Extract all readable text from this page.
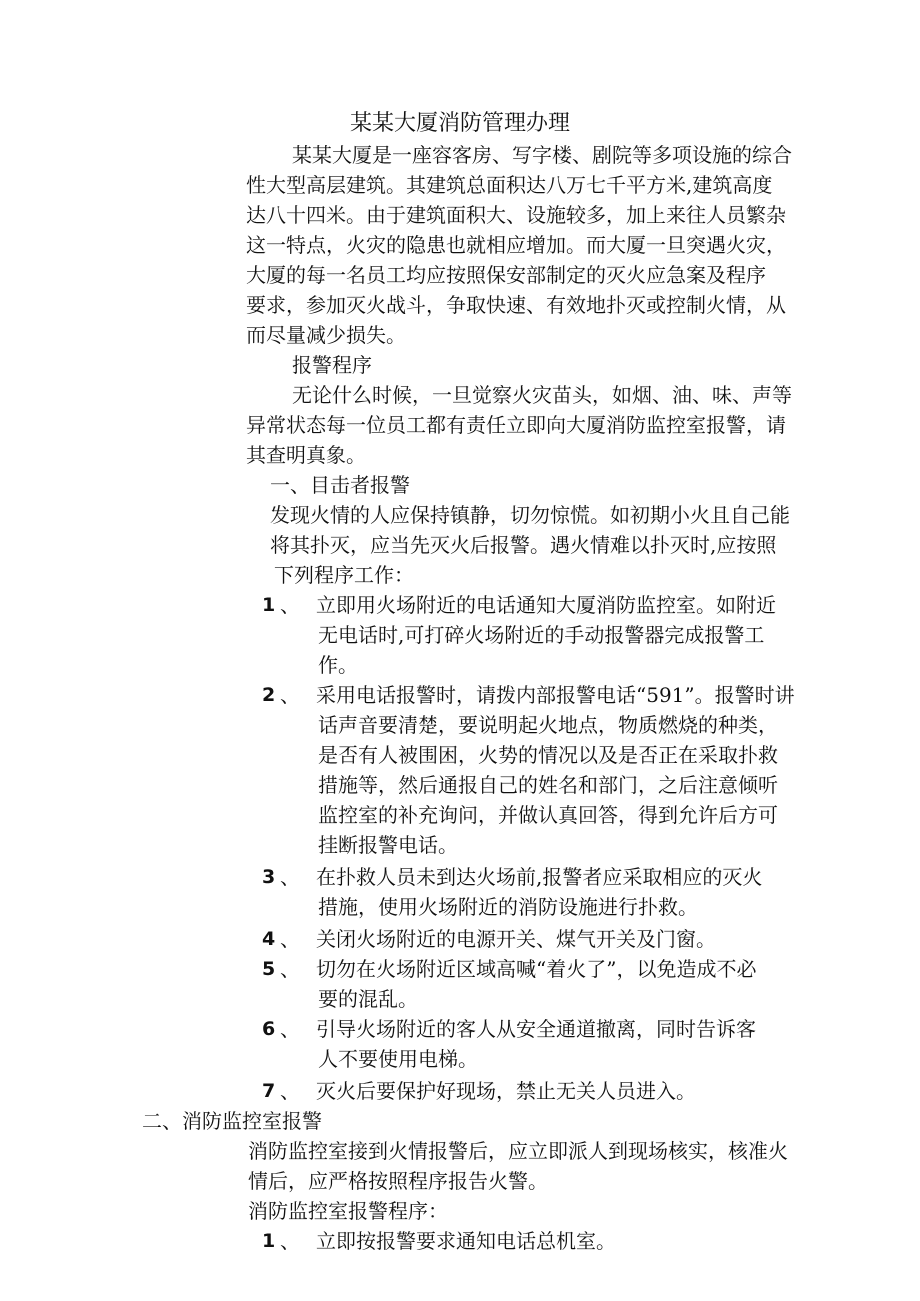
某某大厦消防管理办理
某某大厦是一座容客房、写字楼、剧院等多项设施的综合
性大型高层建筑。其建筑总面积达八万七千平方米,建筑高度
达八十四米。由于建筑面积大、设施较多，加上来往人员繁杂
这一特点，火灾的隐患也就相应增加。而大厦一旦突遇火灾，
大厦的每一名员工均应按照保安部制定的灭火应急案及程序
要求，参加灭火战斗，争取快速、有效地扑灭或控制火情，从
而尽量减少损失。
报警程序
无论什么时候，一旦觉察火灾苗头，如烟、油、味、声等
异常状态每一位员工都有责任立即向大厦消防监控室报警，请
其查明真象。
一、目击者报警
发现火情的人应保持镇静，切勿惊慌。如初期小火且自己能
将其扑灭，应当先灭火后报警。遇火情难以扑灭时,应按照
下列程序工作：
1 、 立即用火场附近的电话通知大厦消防监控室。如附近
无电话时,可打碎火场附近的手动报警器完成报警工
作。
2 、 采用电话报警时，请拨内部报警电话“591”。报警时讲
话声音要清楚，要说明起火地点，物质燃烧的种类，
是否有人被围困，火势的情况以及是否正在采取扑救
措施等，然后通报自己的姓名和部门，之后注意倾听
监控室的补充询问，并做认真回答，得到允许后方可
挂断报警电话。
3 、 在扑救人员未到达火场前,报警者应采取相应的灭火
措施，使用火场附近的消防设施进行扑救。
4 、 关闭火场附近的电源开关、煤气开关及门窗。
5 、 切勿在火场附近区域高喊“着火了”，以免造成不必
要的混乱。
6 、 引导火场附近的客人从安全通道撤离，同时告诉客
人不要使用电梯。
7 、 灭火后要保护好现场，禁止无关人员进入。
二、消防监控室报警
消防监控室接到火情报警后，应立即派人到现场核实，核准火
情后，应严格按照程序报告火警。
消防监控室报警程序：
1 、 立即按报警要求通知电话总机室。
